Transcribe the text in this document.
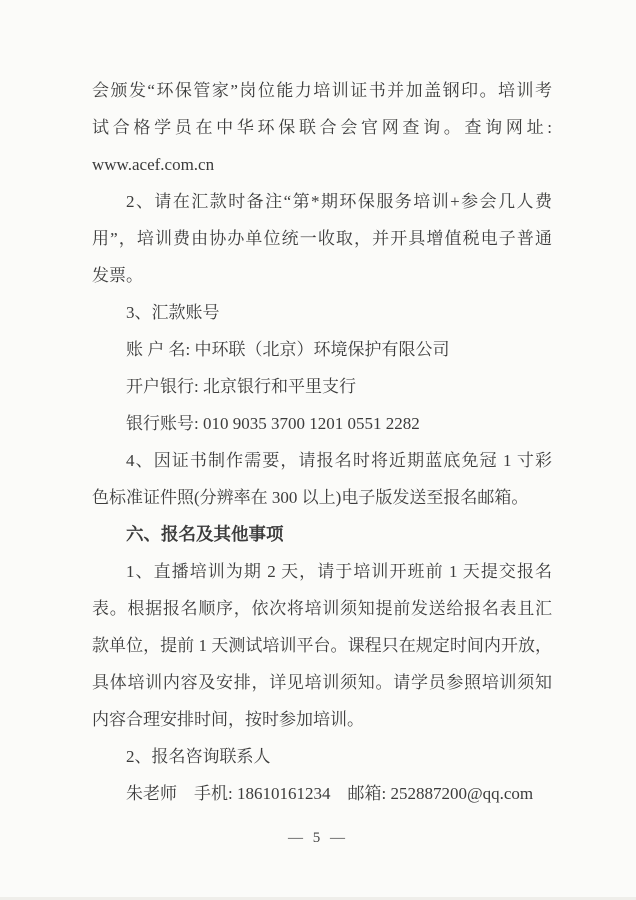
会颁发“环保管家”岗位能力培训证书并加盖钢印。培训考
试合格学员在中华环保联合会官网查询。查询网址:
www.acef.com.cn
2、请在汇款时备注“第*期环保服务培训+参会几人费
用”，培训费由协办单位统一收取，并开具增值税电子普通
发票。
3、汇款账号
账 户 名: 中环联（北京）环境保护有限公司
开户银行: 北京银行和平里支行
银行账号: 010 9035 3700 1201 0551 2282
4、因证书制作需要，请报名时将近期蓝底免冠 1 寸彩
色标准证件照(分辨率在 300 以上)电子版发送至报名邮箱。
六、报名及其他事项
1、直播培训为期 2 天，请于培训开班前 1 天提交报名
表。根据报名顺序，依次将培训须知提前发送给报名表且汇
款单位，提前 1 天测试培训平台。课程只在规定时间内开放，
具体培训内容及安排，详见培训须知。请学员参照培训须知
内容合理安排时间，按时参加培训。
2、报名咨询联系人
朱老师　手机: 18610161234　邮箱: 252887200@qq.com
— 5 —
